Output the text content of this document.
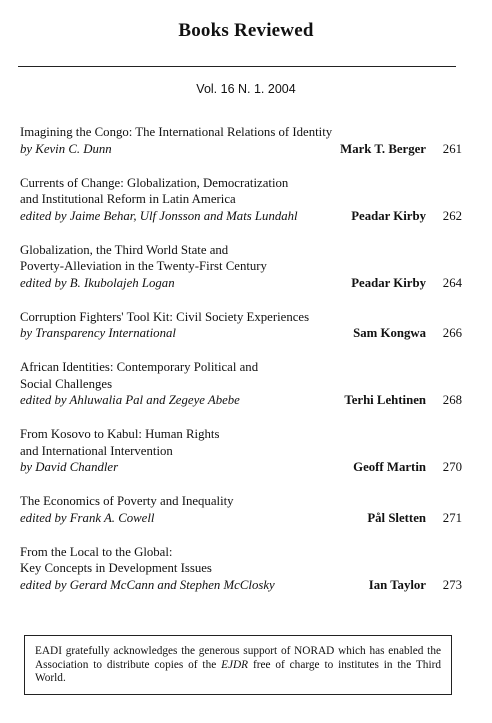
Books Reviewed
Vol. 16 N. 1. 2004
Imagining the Congo: The International Relations of Identity
by Kevin C. Dunn	Mark T. Berger	261
Currents of Change: Globalization, Democratization
and Institutional Reform in Latin America
edited by Jaime Behar, Ulf Jonsson and Mats Lundahl	Peadar Kirby	262
Globalization, the Third World State and
Poverty-Alleviation in the Twenty-First Century
edited by B. Ikubolajeh Logan	Peadar Kirby	264
Corruption Fighters' Tool Kit: Civil Society Experiences
by Transparency International	Sam Kongwa	266
African Identities: Contemporary Political and
Social Challenges
edited by Ahluwalia Pal and Zegeye Abebe	Terhi Lehtinen	268
From Kosovo to Kabul: Human Rights
and International Intervention
by David Chandler	Geoff Martin	270
The Economics of Poverty and Inequality
edited by Frank A. Cowell	Pål Sletten	271
From the Local to the Global:
Key Concepts in Development Issues
edited by Gerard McCann and Stephen McClosky	Ian Taylor	273
EADI gratefully acknowledges the generous support of NORAD which has enabled the Association to distribute copies of the EJDR free of charge to institutes in the Third World.
